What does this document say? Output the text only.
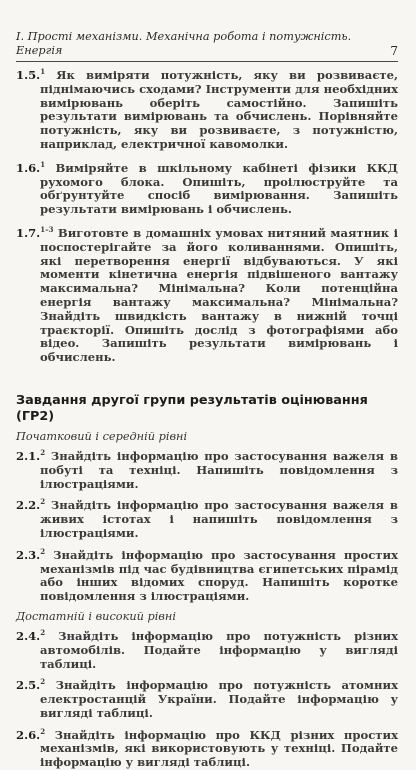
І. Прості механізми. Механічна робота і потужність. Енергія	7
1.5.$^1$ Як виміряти потужність, яку ви розвиваєте, піднімаючись сходами? Інструменти для необхідних вимірювань оберіть самостійно. Запишіть результати вимірювань та обчислень. Порівняйте потужність, яку ви розвиваєте, з потужністю, наприклад, електричної кавомолки.
1.6.$^1$ Виміряйте в шкільному кабінеті фізики ККД рухомого блока. Опишіть, проілюструйте та обґрунтуйте спосіб вимірювання. Запишіть результати вимірювань і обчислень.
1.7.$^{1-3}$ Виготовте в домашніх умовах нитяний маятник і поспостерігайте за його коливаннями. Опишіть, які перетворення енергії відбуваються. У які моменти кінетична енергія підвішеного вантажу максимальна? Мінімальна? Коли потенційна енергія вантажу максимальна? Мінімальна? Знайдіть швидкість вантажу в нижній точці траєкторії. Опишіть дослід з фотографіями або відео. Запишіть результати вимірювань і обчислень.
Завдання другої групи результатів оцінювання (ГР2)
Початковий і середній рівні
2.1.$^2$ Знайдіть інформацію про застосування важеля в побуті та техніці. Напишіть повідомлення з ілюстраціями.
2.2.$^2$ Знайдіть інформацію про застосування важеля в живих істотах і напишіть повідомлення з ілюстраціями.
2.3.$^2$ Знайдіть інформацію про застосування простих механізмів під час будівництва єгипетських пірамід або інших відомих споруд. Напишіть коротке повідомлення з ілюстраціями.
Достатній і високий рівні
2.4.$^2$ Знайдіть інформацію про потужність різних автомобілів. Подайте інформацію у вигляді таблиці.
2.5.$^2$ Знайдіть інформацію про потужність атомних електростанцій України. Подайте інформацію у вигляді таблиці.
2.6.$^2$ Знайдіть інформацію про ККД різних простих механізмів, які використовують у техніці. Подайте інформацію у вигляді таблиці.
